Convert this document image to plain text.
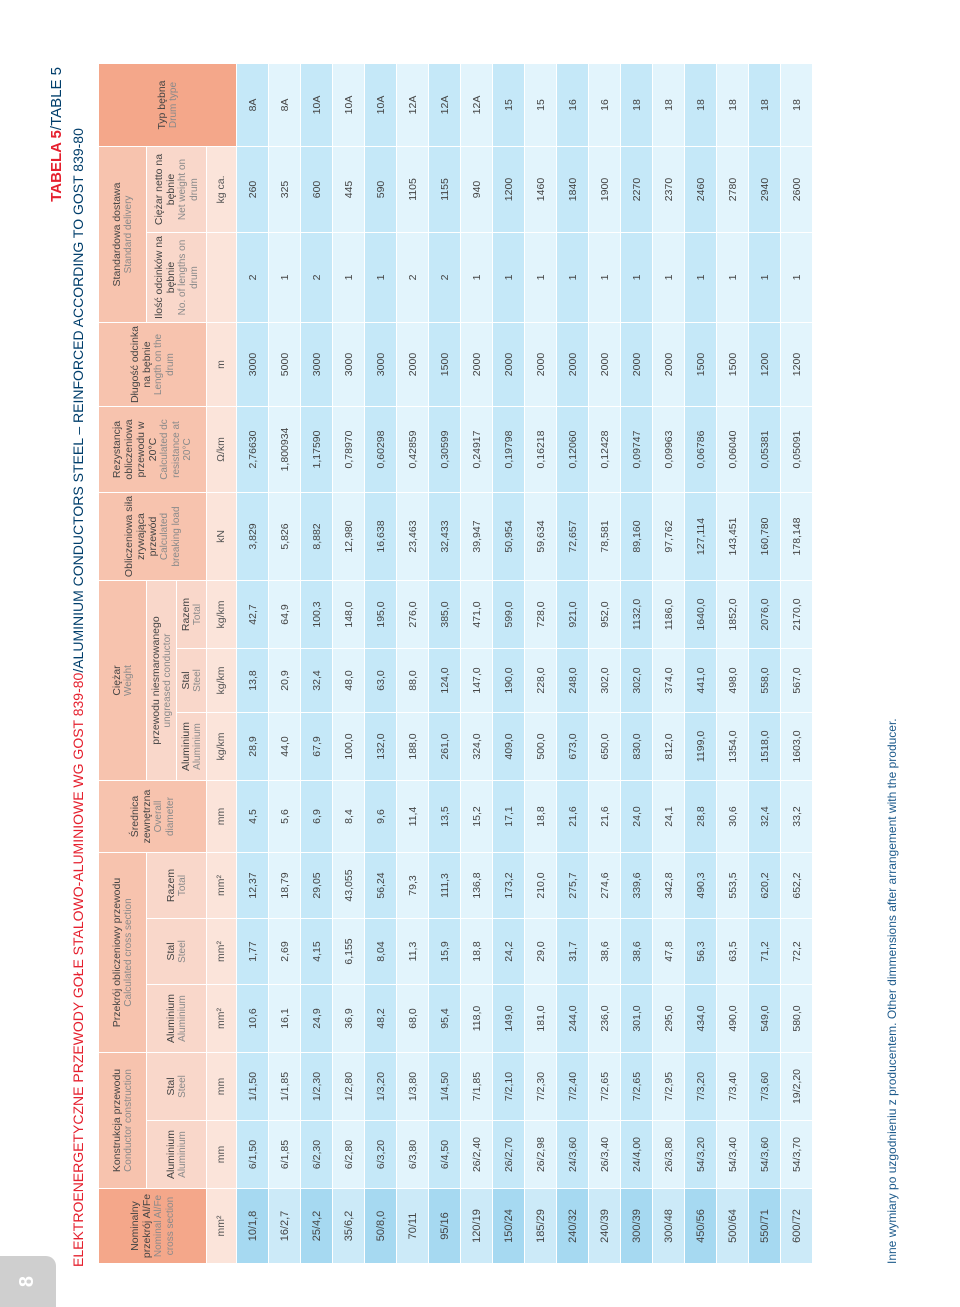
8
TABELA 5/TABLE 5
ELEKTROENERGETYCZNE PRZEWODY GOŁE STALOWO-ALUMINIOWE WG GOST 839-80/ALUMINIUM CONDUCTORS STEEL – REINFORCED ACCORDING TO GOST 839-80
Nominalny przekrój Al/Fe Nominal Al/Fe cross section	Konstrukcja przewodu Conductor construction		Przekrój obliczeniowy przewodu Calculated cross section			Średnica zewnętrzna Overall diameter	Ciężar Weight			Obliczeniowa siła zrywająca przewód Calculated breaking load	Rezystancja obliczeniowa przewodu w 20°C Calculated dc resistance at 20°C	Długość odcinka na bębnie Length on the drum	Standardowa dostawa Standard delivery		Typ bębna Drum type

	Aluminium Aluminium	Stal Steel	Aluminium Aluminium	Stal Steel	Razem Total		przewodu niesmarowanego ungreased conductor						Ilość odcinków na bębnie No. of lengths on drum	Ciężar netto na bębnie Net weight on drum	

							Aluminium Aluminium	Stal Steel	Razem Total						

mm²	mm	mm	mm²	mm²	mm²	mm	kg/km	kg/km	kg/km	kN	Ω/km	m		kg ca.	
10/1,8	6/1,50	1/1,50	10,6	1,77	12,37	4,5	28,9	13,8	42,7	3,829	2,76630	3000	2	260	8A
16/2,7	6/1,85	1/1,85	16,1	2,69	18,79	5,6	44,0	20,9	64,9	5,826	1,800934	5000	1	325	8A
25/4,2	6/2,30	1/2,30	24,9	4,15	29,05	6,9	67,9	32,4	100,3	8,882	1,17590	3000	2	600	10A
35/6,2	6/2,80	1/2,80	36,9	6,155	43,055	8,4	100,0	48,0	148,0	12,980	0,78970	3000	1	445	10A
50/8,0	6/3,20	1/3,20	48,2	8,04	56,24	9,6	132,0	63,0	195,0	16,638	0,60298	3000	1	590	10A
70/11	6/3,80	1/3,80	68,0	11,3	79,3	11,4	188,0	88,0	276,0	23,463	0,42859	2000	2	1105	12A
95/16	6/4,50	1/4,50	95,4	15,9	111,3	13,5	261,0	124,0	385,0	32,433	0,30599	1500	2	1155	12A
120/19	26/2,40	7/1,85	118,0	18,8	136,8	15,2	324,0	147,0	471,0	39,947	0,24917	2000	1	940	12A
150/24	26/2,70	7/2,10	149,0	24,2	173,2	17,1	409,0	190,0	599,0	50,954	0,19798	2000	1	1200	15
185/29	26/2,98	7/2,30	181,0	29,0	210,0	18,8	500,0	228,0	728,0	59,634	0,16218	2000	1	1460	15
240/32	24/3,60	7/2,40	244,0	31,7	275,7	21,6	673,0	248,0	921,0	72,657	0,12060	2000	1	1840	16
240/39	26/3,40	7/2,65	236,0	38,6	274,6	21,6	650,0	302,0	952,0	78,581	0,12428	2000	1	1900	16
300/39	24/4,00	7/2,65	301,0	38,6	339,6	24,0	830,0	302,0	1132,0	89,160	0,09747	2000	1	2270	18
300/48	26/3,80	7/2,95	295,0	47,8	342,8	24,1	812,0	374,0	1186,0	97,762	0,09963	2000	1	2370	18
450/56	54/3,20	7/3,20	434,0	56,3	490,3	28,8	1199,0	441,0	1640,0	127,114	0,06786	1500	1	2460	18
500/64	54/3,40	7/3,40	490,0	63,5	553,5	30,6	1354,0	498,0	1852,0	143,451	0,06040	1500	1	2780	18
550/71	54/3,60	7/3,60	549,0	71,2	620,2	32,4	1518,0	558,0	2076,0	160,780	0,05381	1200	1	2940	18
600/72	54/3,70	19/2,20	580,0	72,2	652,2	33,2	1603,0	567,0	2170,0	178,148	0,05091	1200	1	2600	18
Inne wymiary po uzgodnieniu z producentem. Other dimmensions after arrangement with the producer.
